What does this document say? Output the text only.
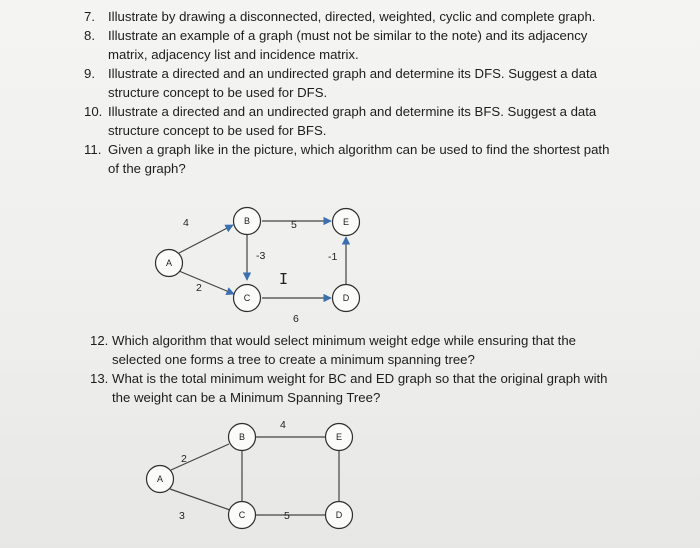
7. Illustrate by drawing a disconnected, directed, weighted, cyclic and complete graph.
8. Illustrate an example of a graph (must not be similar to the note) and its adjacency
matrix, adjacency list and incidence matrix.
9. Illustrate a directed and an undirected graph and determine its DFS. Suggest a data
structure concept to be used for DFS.
10. Illustrate a directed and an undirected graph and determine its BFS. Suggest a data
structure concept to be used for BFS.
11. Given a graph like in the picture, which algorithm can be used to find the shortest path
of the graph?
4
2
5
-3	-1
6
Ι
A
B
C
E
D
12. Which algorithm that would select minimum weight edge while ensuring that the
selected one forms a tree to create a minimum spanning tree?
13. What is the total minimum weight for BC and ED graph so that the original graph with
the weight can be a Minimum Spanning Tree?
4
2
3	5
A
B
C
E
D
